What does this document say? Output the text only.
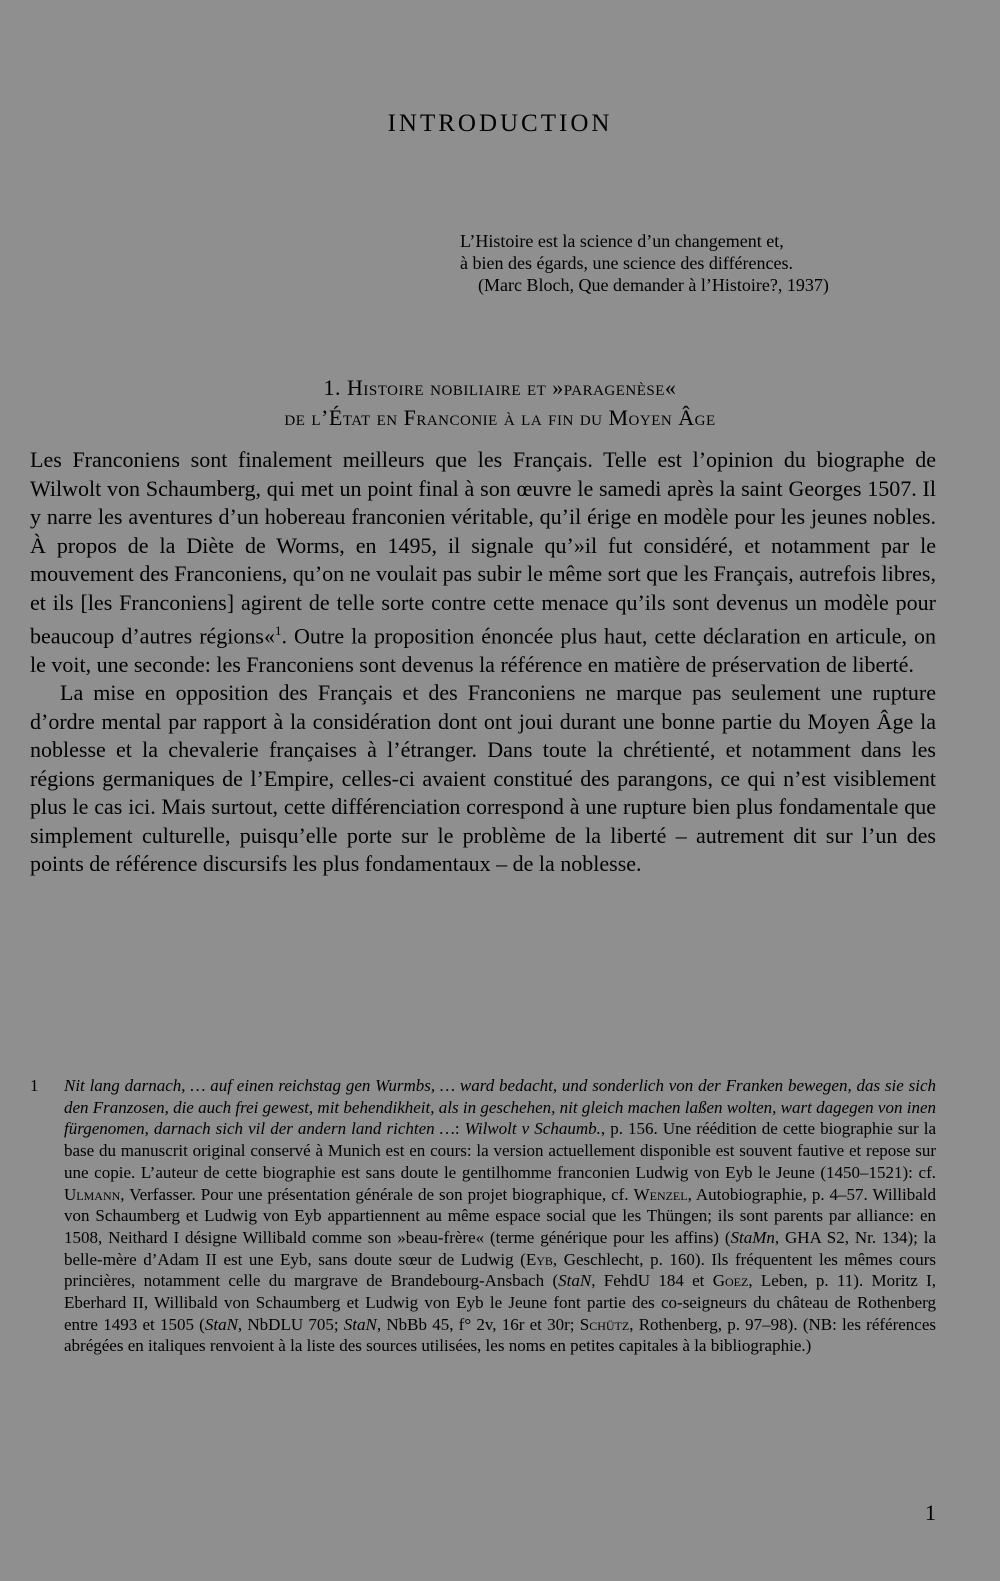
INTRODUCTION
L’Histoire est la science d’un changement et,
à bien des égards, une science des différences.
(Marc Bloch, Que demander à l’Histoire?, 1937)
1. Histoire nobiliaire et »paragenèse«
de l’État en Franconie à la fin du Moyen Âge

Les Franconiens sont finalement meilleurs que les Français. Telle est l’opinion du biographe de Wilwolt von Schaumberg, qui met un point final à son œuvre le samedi après la saint Georges 1507. Il y narre les aventures d’un hobereau franconien véritable, qu’il érige en modèle pour les jeunes nobles. À propos de la Diète de Worms, en 1495, il signale qu’»il fut considéré, et notamment par le mouvement des Franconiens, qu’on ne voulait pas subir le même sort que les Français, autrefois libres, et ils [les Franconiens] agirent de telle sorte contre cette menace qu’ils sont devenus un modèle pour beaucoup d’autres régions«$^1$. Outre la proposition énoncée plus haut, cette déclaration en articule, on le voit, une seconde: les Franconiens sont devenus la référence en matière de préservation de liberté.

La mise en opposition des Français et des Franconiens ne marque pas seulement une rupture d’ordre mental par rapport à la considération dont ont joui durant une bonne partie du Moyen Âge la noblesse et la chevalerie françaises à l’étranger. Dans toute la chrétienté, et notamment dans les régions germaniques de l’Empire, celles-ci avaient constitué des parangons, ce qui n’est visiblement plus le cas ici. Mais surtout, cette différenciation correspond à une rupture bien plus fondamentale que simplement culturelle, puisqu’elle porte sur le problème de la liberté – autrement dit sur l’un des points de référence discursifs les plus fondamentaux – de la noblesse.

1 Nit lang darnach, … auf einen reichstag gen Wurmbs, … ward bedacht, und sonderlich von der Franken bewegen, das sie sich den Franzosen, die auch frei gewest, mit behendikheit, als in geschehen, nit gleich machen laßen wolten, wart dagegen von inen fürgenomen, darnach sich vil der andern land richten …: Wilwolt v Schaumb., p. 156. Une réédition de cette biographie sur la base du manuscrit original conservé à Munich est en cours: la version actuellement disponible est souvent fautive et repose sur une copie. L’auteur de cette biographie est sans doute le gentilhomme franconien Ludwig von Eyb le Jeune (1450–1521): cf. Ulmann, Verfasser. Pour une présentation générale de son projet biographique, cf. Wenzel, Autobiographie, p. 4–57. Willibald von Schaumberg et Ludwig von Eyb appartiennent au même espace social que les Thüngen; ils sont parents par alliance: en 1508, Neithard I désigne Willibald comme son »beau-frère« (terme générique pour les affins) (StaMn, GHA S2, Nr. 134); la belle-mère d’Adam II est une Eyb, sans doute sœur de Ludwig (Eyb, Geschlecht, p. 160). Ils fréquentent les mêmes cours princières, notamment celle du margrave de Brandebourg-Ansbach (StaN, FehdU 184 et Goez, Leben, p. 11). Moritz I, Eberhard II, Willibald von Schaumberg et Ludwig von Eyb le Jeune font partie des co-seigneurs du château de Rothenberg entre 1493 et 1505 (StaN, NbDLU 705; StaN, NbBb 45, f° 2v, 16r et 30r; Schütz, Rothenberg, p. 97–98). (NB: les références abrégées en italiques renvoient à la liste des sources utilisées, les noms en petites capitales à la bibliographie.)
1
